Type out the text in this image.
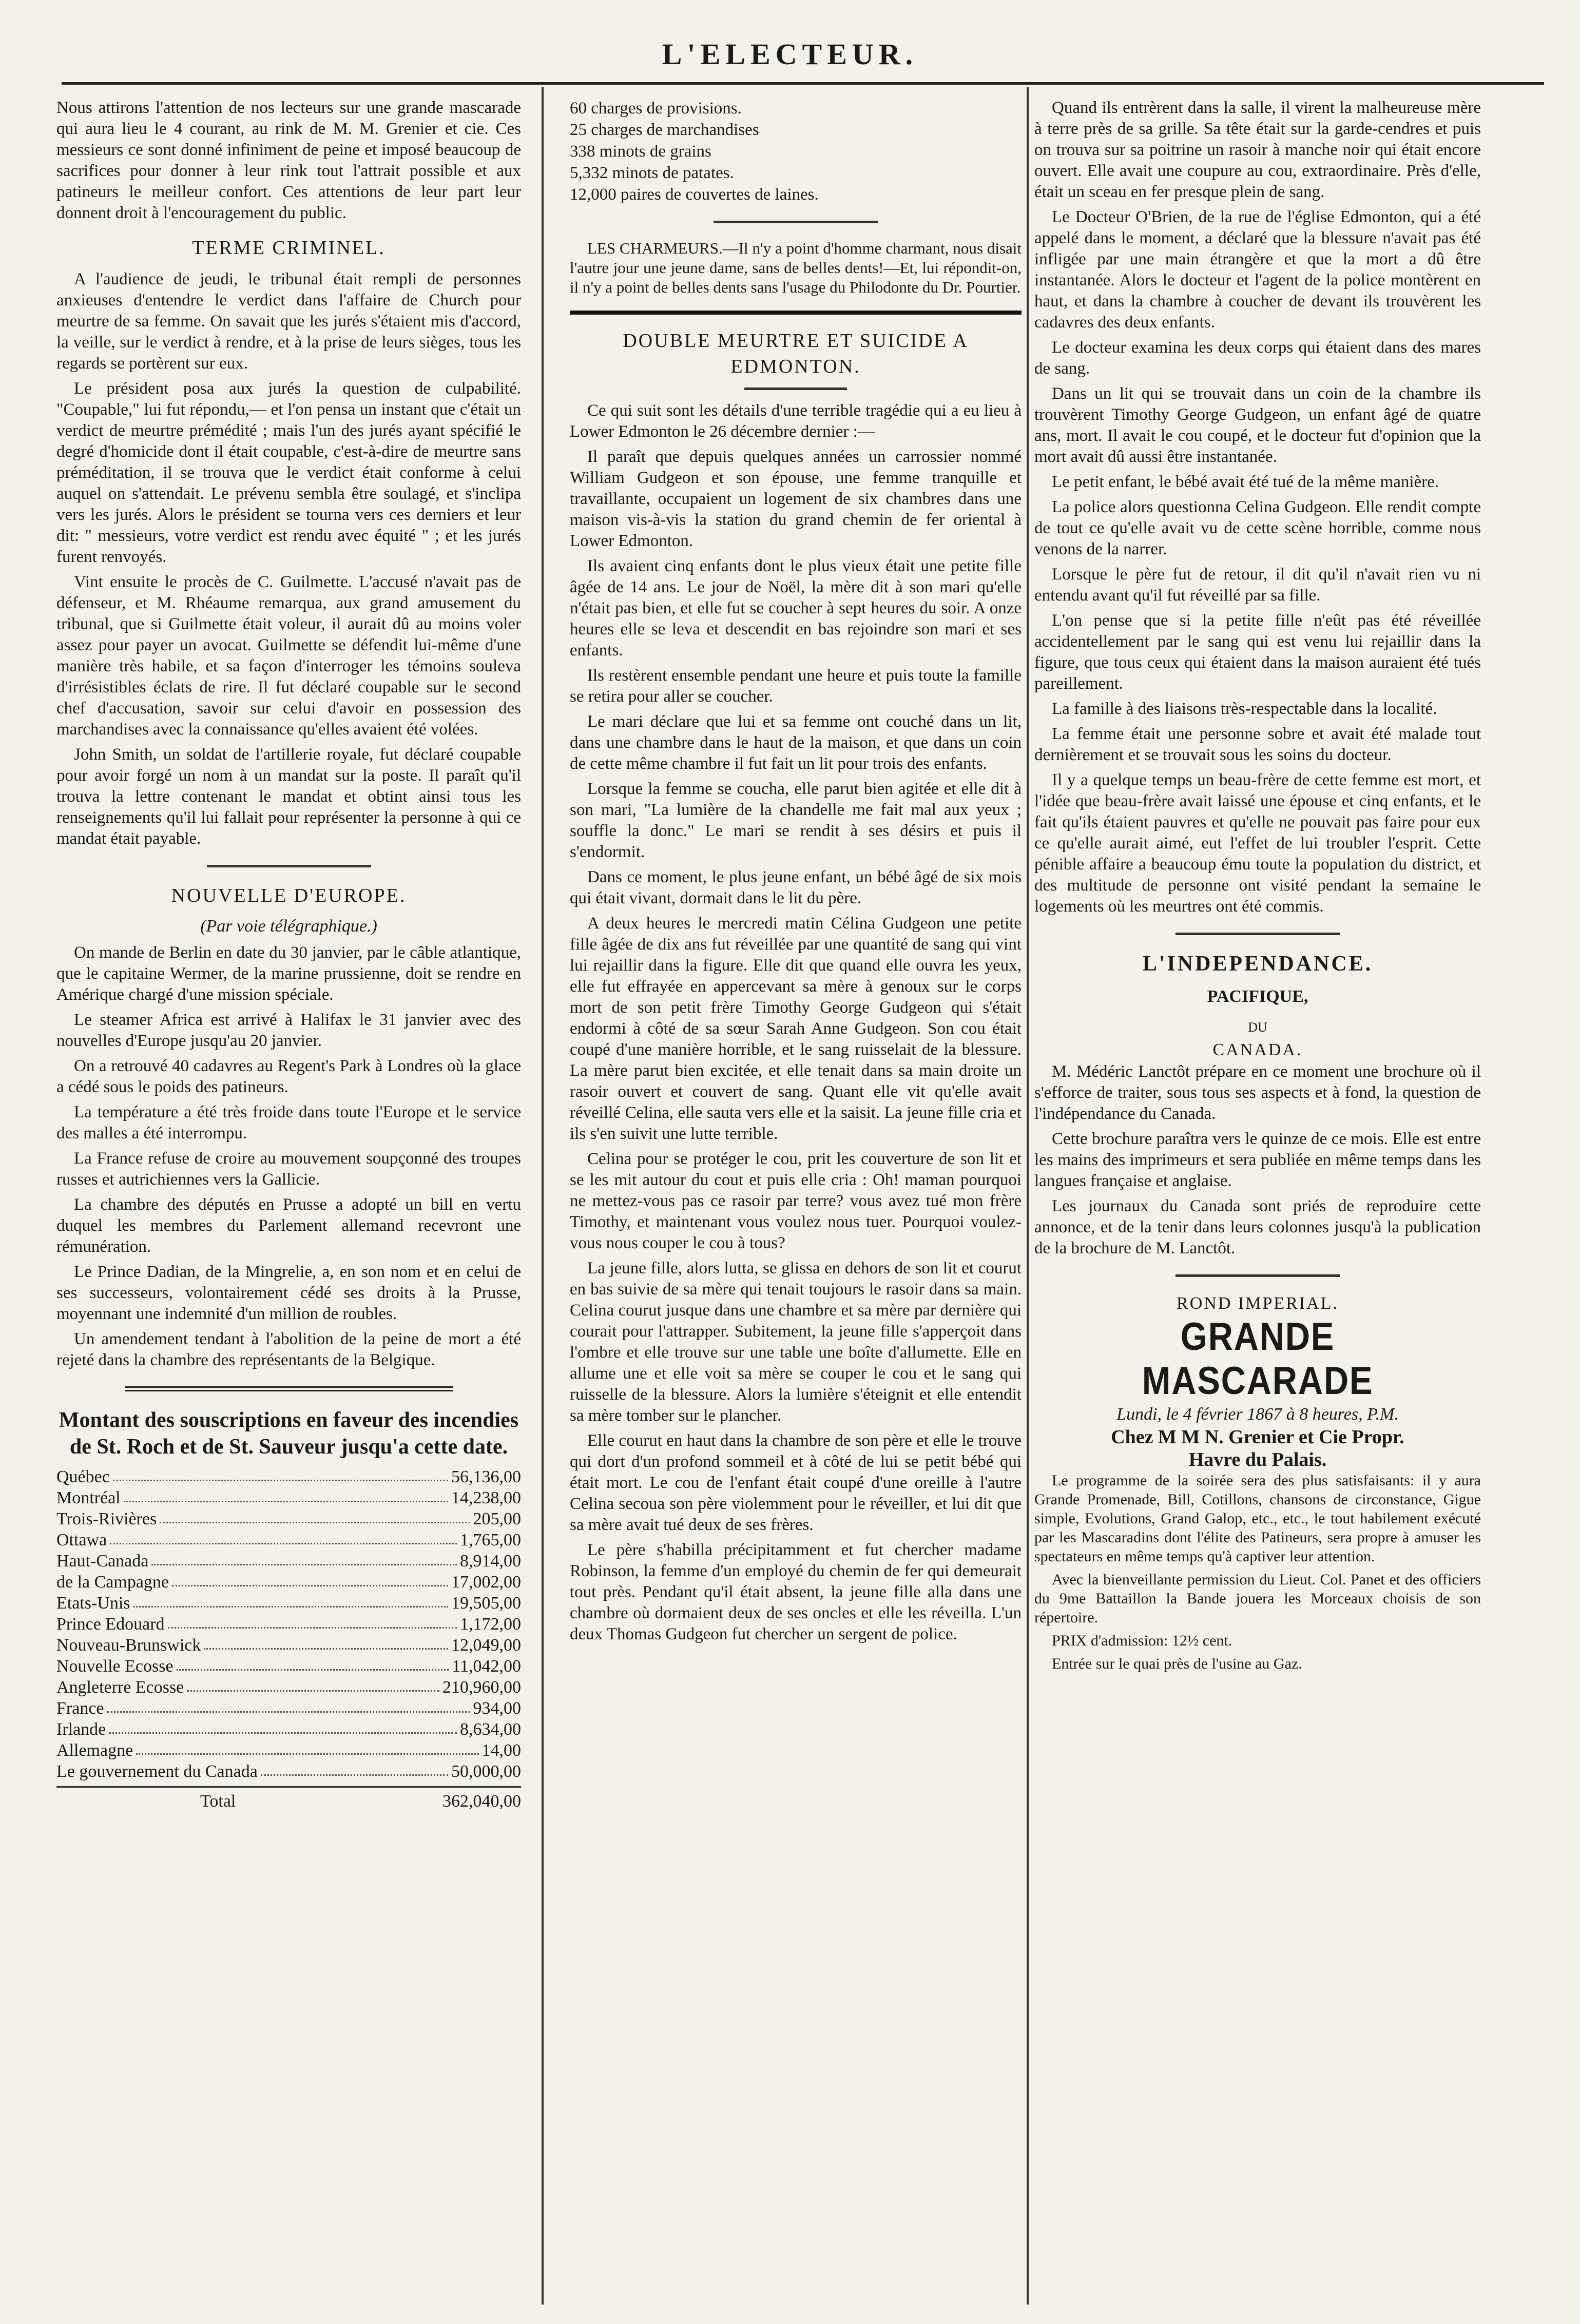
L'ELECTEUR.

Nous attirons l'attention de nos lecteurs sur une grande mascarade qui aura lieu le 4 courant, au rink de M. M. Grenier et cie. Ces messieurs ce sont donné infiniment de peine et imposé beaucoup de sacrifices pour donner à leur rink tout l'attrait possible et aux patineurs le meilleur confort. Ces attentions de leur part leur donnent droit à l'encouragement du public.

TERME CRIMINEL.

A l'audience de jeudi, le tribunal était rempli de personnes anxieuses d'entendre le verdict dans l'affaire de Church pour meurtre de sa femme. On savait que les jurés s'étaient mis d'accord, la veille, sur le verdict à rendre, et à la prise de leurs sièges, tous les regards se portèrent sur eux.

Le président posa aux jurés la question de culpabilité. "Coupable," lui fut répondu,— et l'on pensa un instant que c'était un verdict de meurtre prémédité ; mais l'un des jurés ayant spécifié le degré d'homicide dont il était coupable, c'est-à-dire de meurtre sans préméditation, il se trouva que le verdict était conforme à celui auquel on s'attendait. Le prévenu sembla être soulagé, et s'inclipa vers les jurés. Alors le président se tourna vers ces derniers et leur dit: " messieurs, votre verdict est rendu avec équité " ; et les jurés furent renvoyés.

Vint ensuite le procès de C. Guilmette. L'accusé n'avait pas de défenseur, et M. Rhéaume remarqua, aux grand amusement du tribunal, que si Guilmette était voleur, il aurait dû au moins voler assez pour payer un avocat. Guilmette se défendit lui-même d'une manière très habile, et sa façon d'interroger les témoins souleva d'irrésistibles éclats de rire. Il fut déclaré coupable sur le second chef d'accusation, savoir sur celui d'avoir en possession des marchandises avec la connaissance qu'elles avaient été volées.

John Smith, un soldat de l'artillerie royale, fut déclaré coupable pour avoir forgé un nom à un mandat sur la poste. Il paraît qu'il trouva la lettre contenant le mandat et obtint ainsi tous les renseignements qu'il lui fallait pour représenter la personne à qui ce mandat était payable.

NOUVELLE D'EUROPE.
(Par voie télégraphique.)

On mande de Berlin en date du 30 janvier, par le câble atlantique, que le capitaine Wermer, de la marine prussienne, doit se rendre en Amérique chargé d'une mission spéciale.

Le steamer Africa est arrivé à Halifax le 31 janvier avec des nouvelles d'Europe jusqu'au 20 janvier.

On a retrouvé 40 cadavres au Regent's Park à Londres où la glace a cédé sous le poids des patineurs.

La température a été très froide dans toute l'Europe et le service des malles a été interrompu.

La France refuse de croire au mouvement soupçonné des troupes russes et autrichiennes vers la Gallicie.

La chambre des députés en Prusse a adopté un bill en vertu duquel les membres du Parlement allemand recevront une rémunération.

Le Prince Dadian, de la Mingrelie, a, en son nom et en celui de ses successeurs, volontairement cédé ses droits à la Prusse, moyennant une indemnité d'un million de roubles.

Un amendement tendant à l'abolition de la peine de mort a été rejeté dans la chambre des représentants de la Belgique.

Montant des souscriptions en faveur des incendies de St. Roch et de St. Sauveur jusqu'a cette date.
Québec	56,136,00
Montréal	14,238,00
Trois-Rivières	205,00
Ottawa	1,765,00
Haut-Canada	8,914,00
de la Campagne	17,002,00
Etats-Unis	19,505,00
Prince Edouard	1,172,00
Nouveau-Brunswick	12,049,00
Nouvelle Ecosse	11,042,00
Angleterre Ecosse	210,960,00
France	934,00
Irlande	8,634,00
Allemagne	14,00
Le gouvernement du Canada	50,000,00
Total	362,040,00
60 charges de provisions.
25 charges de marchandises
338 minots de grains
5,332 minots de patates.
12,000 paires de couvertes de laines.

LES CHARMEURS.—Il n'y a point d'homme charmant, nous disait l'autre jour une jeune dame, sans de belles dents!—Et, lui répondit-on, il n'y a point de belles dents sans l'usage du Philodonte du Dr. Pourtier.

DOUBLE MEURTRE ET SUICIDE A EDMONTON.

Ce qui suit sont les détails d'une terrible tragédie qui a eu lieu à Lower Edmonton le 26 décembre dernier :—

Il paraît que depuis quelques années un carrossier nommé William Gudgeon et son épouse, une femme tranquille et travaillante, occupaient un logement de six chambres dans une maison vis-à-vis la station du grand chemin de fer oriental à Lower Edmonton.

Ils avaient cinq enfants dont le plus vieux était une petite fille âgée de 14 ans. Le jour de Noël, la mère dit à son mari qu'elle n'était pas bien, et elle fut se coucher à sept heures du soir. A onze heures elle se leva et descendit en bas rejoindre son mari et ses enfants.

Ils restèrent ensemble pendant une heure et puis toute la famille se retira pour aller se coucher.

Le mari déclare que lui et sa femme ont couché dans un lit, dans une chambre dans le haut de la maison, et que dans un coin de cette même chambre il fut fait un lit pour trois des enfants.

Lorsque la femme se coucha, elle parut bien agitée et elle dit à son mari, "La lumière de la chandelle me fait mal aux yeux ; souffle la donc." Le mari se rendit à ses désirs et puis il s'endormit.

Dans ce moment, le plus jeune enfant, un bébé âgé de six mois qui était vivant, dormait dans le lit du père.

A deux heures le mercredi matin Célina Gudgeon une petite fille âgée de dix ans fut réveillée par une quantité de sang qui vint lui rejaillir dans la figure. Elle dit que quand elle ouvra les yeux, elle fut effrayée en appercevant sa mère à genoux sur le corps mort de son petit frère Timothy George Gudgeon qui s'était endormi à côté de sa sœur Sarah Anne Gudgeon. Son cou était coupé d'une manière horrible, et le sang ruisselait de la blessure. La mère parut bien excitée, et elle tenait dans sa main droite un rasoir ouvert et couvert de sang. Quant elle vit qu'elle avait réveillé Celina, elle sauta vers elle et la saisit. La jeune fille cria et ils s'en suivit une lutte terrible.

Celina pour se protéger le cou, prit les couverture de son lit et se les mit autour du cout et puis elle cria : Oh! maman pourquoi ne mettez-vous pas ce rasoir par terre? vous avez tué mon frère Timothy, et maintenant vous voulez nous tuer. Pourquoi voulez-vous nous couper le cou à tous?

La jeune fille, alors lutta, se glissa en dehors de son lit et courut en bas suivie de sa mère qui tenait toujours le rasoir dans sa main. Celina courut jusque dans une chambre et sa mère par dernière qui courait pour l'attrapper. Subitement, la jeune fille s'apperçoit dans l'ombre et elle trouve sur une table une boîte d'allumette. Elle en allume une et elle voit sa mère se couper le cou et le sang qui ruisselle de la blessure. Alors la lumière s'éteignit et elle entendit sa mère tomber sur le plancher.

Elle courut en haut dans la chambre de son père et elle le trouve qui dort d'un profond sommeil et à côté de lui se petit bébé qui était mort. Le cou de l'enfant était coupé d'une oreille à l'autre Celina secoua son père violemment pour le réveiller, et lui dit que sa mère avait tué deux de ses frères.

Le père s'habilla précipitamment et fut chercher madame Robinson, la femme d'un employé du chemin de fer qui demeurait tout près. Pendant qu'il était absent, la jeune fille alla dans une chambre où dormaient deux de ses oncles et elle les réveilla. L'un deux Thomas Gudgeon fut chercher un sergent de police.

Quand ils entrèrent dans la salle, il virent la malheureuse mère à terre près de sa grille. Sa tête était sur la garde-cendres et puis on trouva sur sa poitrine un rasoir à manche noir qui était encore ouvert. Elle avait une coupure au cou, extraordinaire. Près d'elle, était un sceau en fer presque plein de sang.

Le Docteur O'Brien, de la rue de l'église Edmonton, qui a été appelé dans le moment, a déclaré que la blessure n'avait pas été infligée par une main étrangère et que la mort a dû être instantanée. Alors le docteur et l'agent de la police montèrent en haut, et dans la chambre à coucher de devant ils trouvèrent les cadavres des deux enfants.

Le docteur examina les deux corps qui étaient dans des mares de sang.

Dans un lit qui se trouvait dans un coin de la chambre ils trouvèrent Timothy George Gudgeon, un enfant âgé de quatre ans, mort. Il avait le cou coupé, et le docteur fut d'opinion que la mort avait dû aussi être instantanée.

Le petit enfant, le bébé avait été tué de la même manière.

La police alors questionna Celina Gudgeon. Elle rendit compte de tout ce qu'elle avait vu de cette scène horrible, comme nous venons de la narrer.

Lorsque le père fut de retour, il dit qu'il n'avait rien vu ni entendu avant qu'il fut réveillé par sa fille.

L'on pense que si la petite fille n'eût pas été réveillée accidentellement par le sang qui est venu lui rejaillir dans la figure, que tous ceux qui étaient dans la maison auraient été tués pareillement.

La famille à des liaisons très-respectable dans la localité.

La femme était une personne sobre et avait été malade tout dernièrement et se trouvait sous les soins du docteur.

Il y a quelque temps un beau-frère de cette femme est mort, et l'idée que beau-frère avait laissé une épouse et cinq enfants, et le fait qu'ils étaient pauvres et qu'elle ne pouvait pas faire pour eux ce qu'elle aurait aimé, eut l'effet de lui troubler l'esprit. Cette pénible affaire a beaucoup ému toute la population du district, et des multitude de personne ont visité pendant la semaine le logements où les meurtres ont été commis.

L'INDEPENDANCE.
PACIFIQUE,
DU
CANADA.

M. Médéric Lanctôt prépare en ce moment une brochure où il s'efforce de traiter, sous tous ses aspects et à fond, la question de l'indépendance du Canada.

Cette brochure paraîtra vers le quinze de ce mois. Elle est entre les mains des imprimeurs et sera publiée en même temps dans les langues française et anglaise.

Les journaux du Canada sont priés de reproduire cette annonce, et de la tenir dans leurs colonnes jusqu'à la publication de la brochure de M. Lanctôt.

ROND IMPERIAL.
GRANDE MASCARADE
Lundi, le 4 février 1867 à 8 heures, P.M.
Chez M M N. Grenier et Cie Propr.
Havre du Palais.

Le programme de la soirée sera des plus satisfaisants: il y aura Grande Promenade, Bill, Cotillons, chansons de circonstance, Gigue simple, Evolutions, Grand Galop, etc., etc., le tout habilement exécuté par les Mascaradins dont l'élite des Patineurs, sera propre à amuser les spectateurs en même temps qu'à captiver leur attention.

Avec la bienveillante permission du Lieut. Col. Panet et des officiers du 9me Battaillon la Bande jouera les Morceaux choisis de son répertoire.

PRIX d'admission: 12½ cent.

Entrée sur le quai près de l'usine au Gaz.
